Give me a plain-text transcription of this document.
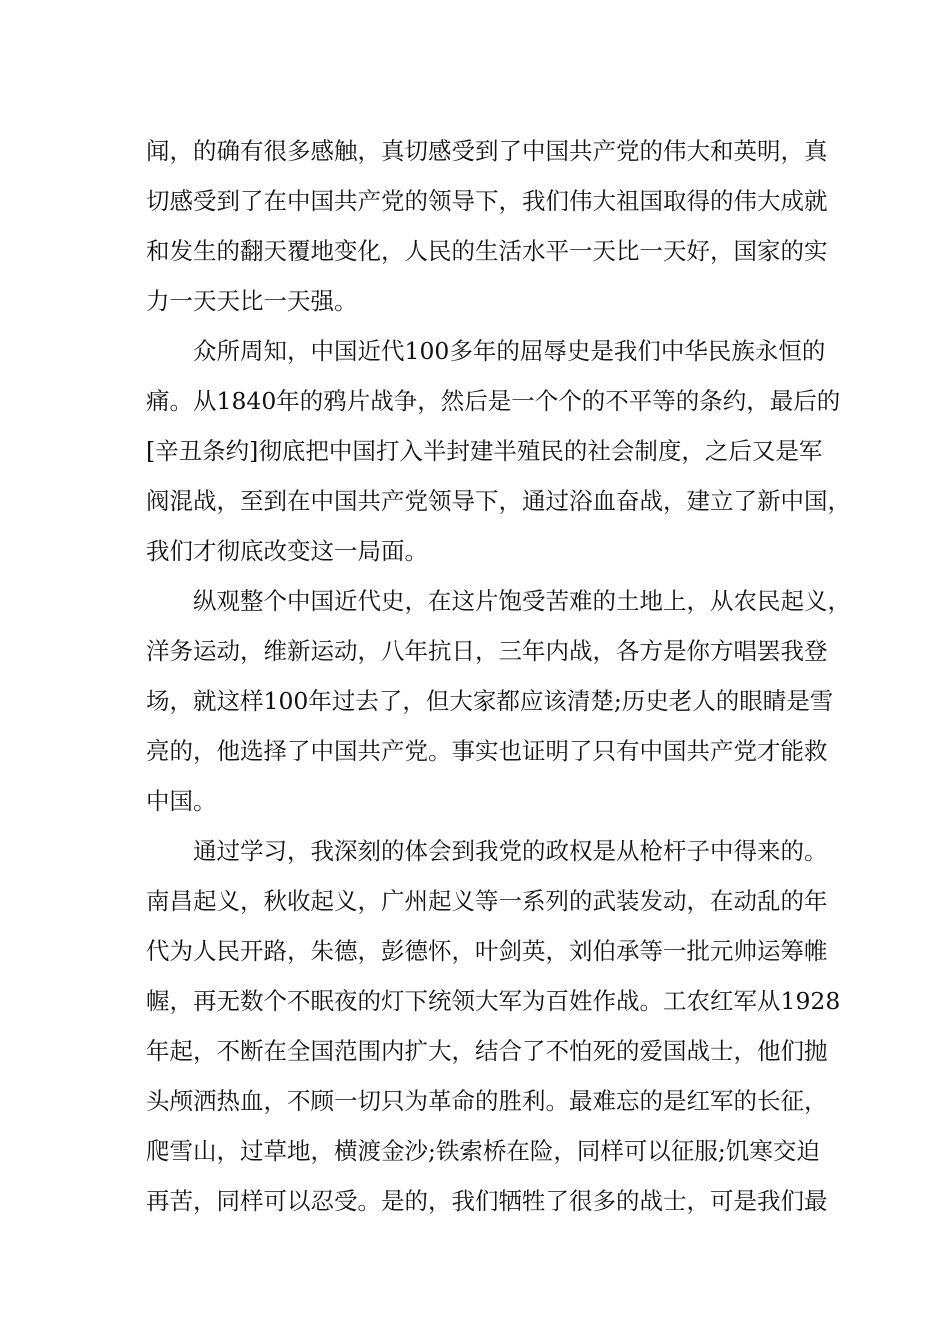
闻，的确有很多感触，真切感受到了中国共产党的伟大和英明，真
切感受到了在中国共产党的领导下，我们伟大祖国取得的伟大成就
和发生的翻天覆地变化，人民的生活水平一天比一天好，国家的实
力一天天比一天强。
众所周知，中国近代100多年的屈辱史是我们中华民族永恒的
痛。从1840年的鸦片战争，然后是一个个的不平等的条约，最后的
[辛丑条约]彻底把中国打入半封建半殖民的社会制度，之后又是军
阀混战，至到在中国共产党领导下，通过浴血奋战，建立了新中国，
我们才彻底改变这一局面。
纵观整个中国近代史，在这片饱受苦难的土地上，从农民起义，
洋务运动，维新运动，八年抗日，三年内战，各方是你方唱罢我登
场，就这样100年过去了，但大家都应该清楚;历史老人的眼睛是雪
亮的，他选择了中国共产党。事实也证明了只有中国共产党才能救
中国。
通过学习，我深刻的体会到我党的政权是从枪杆子中得来的。
南昌起义，秋收起义，广州起义等一系列的武装发动，在动乱的年
代为人民开路，朱德，彭德怀，叶剑英，刘伯承等一批元帅运筹帷
幄，再无数个不眠夜的灯下统领大军为百姓作战。工农红军从1928
年起，不断在全国范围内扩大，结合了不怕死的爱国战士，他们抛
头颅洒热血，不顾一切只为革命的胜利。最难忘的是红军的长征，
爬雪山，过草地，横渡金沙;铁索桥在险，同样可以征服;饥寒交迫
再苦，同样可以忍受。是的，我们牺牲了很多的战士，可是我们最
